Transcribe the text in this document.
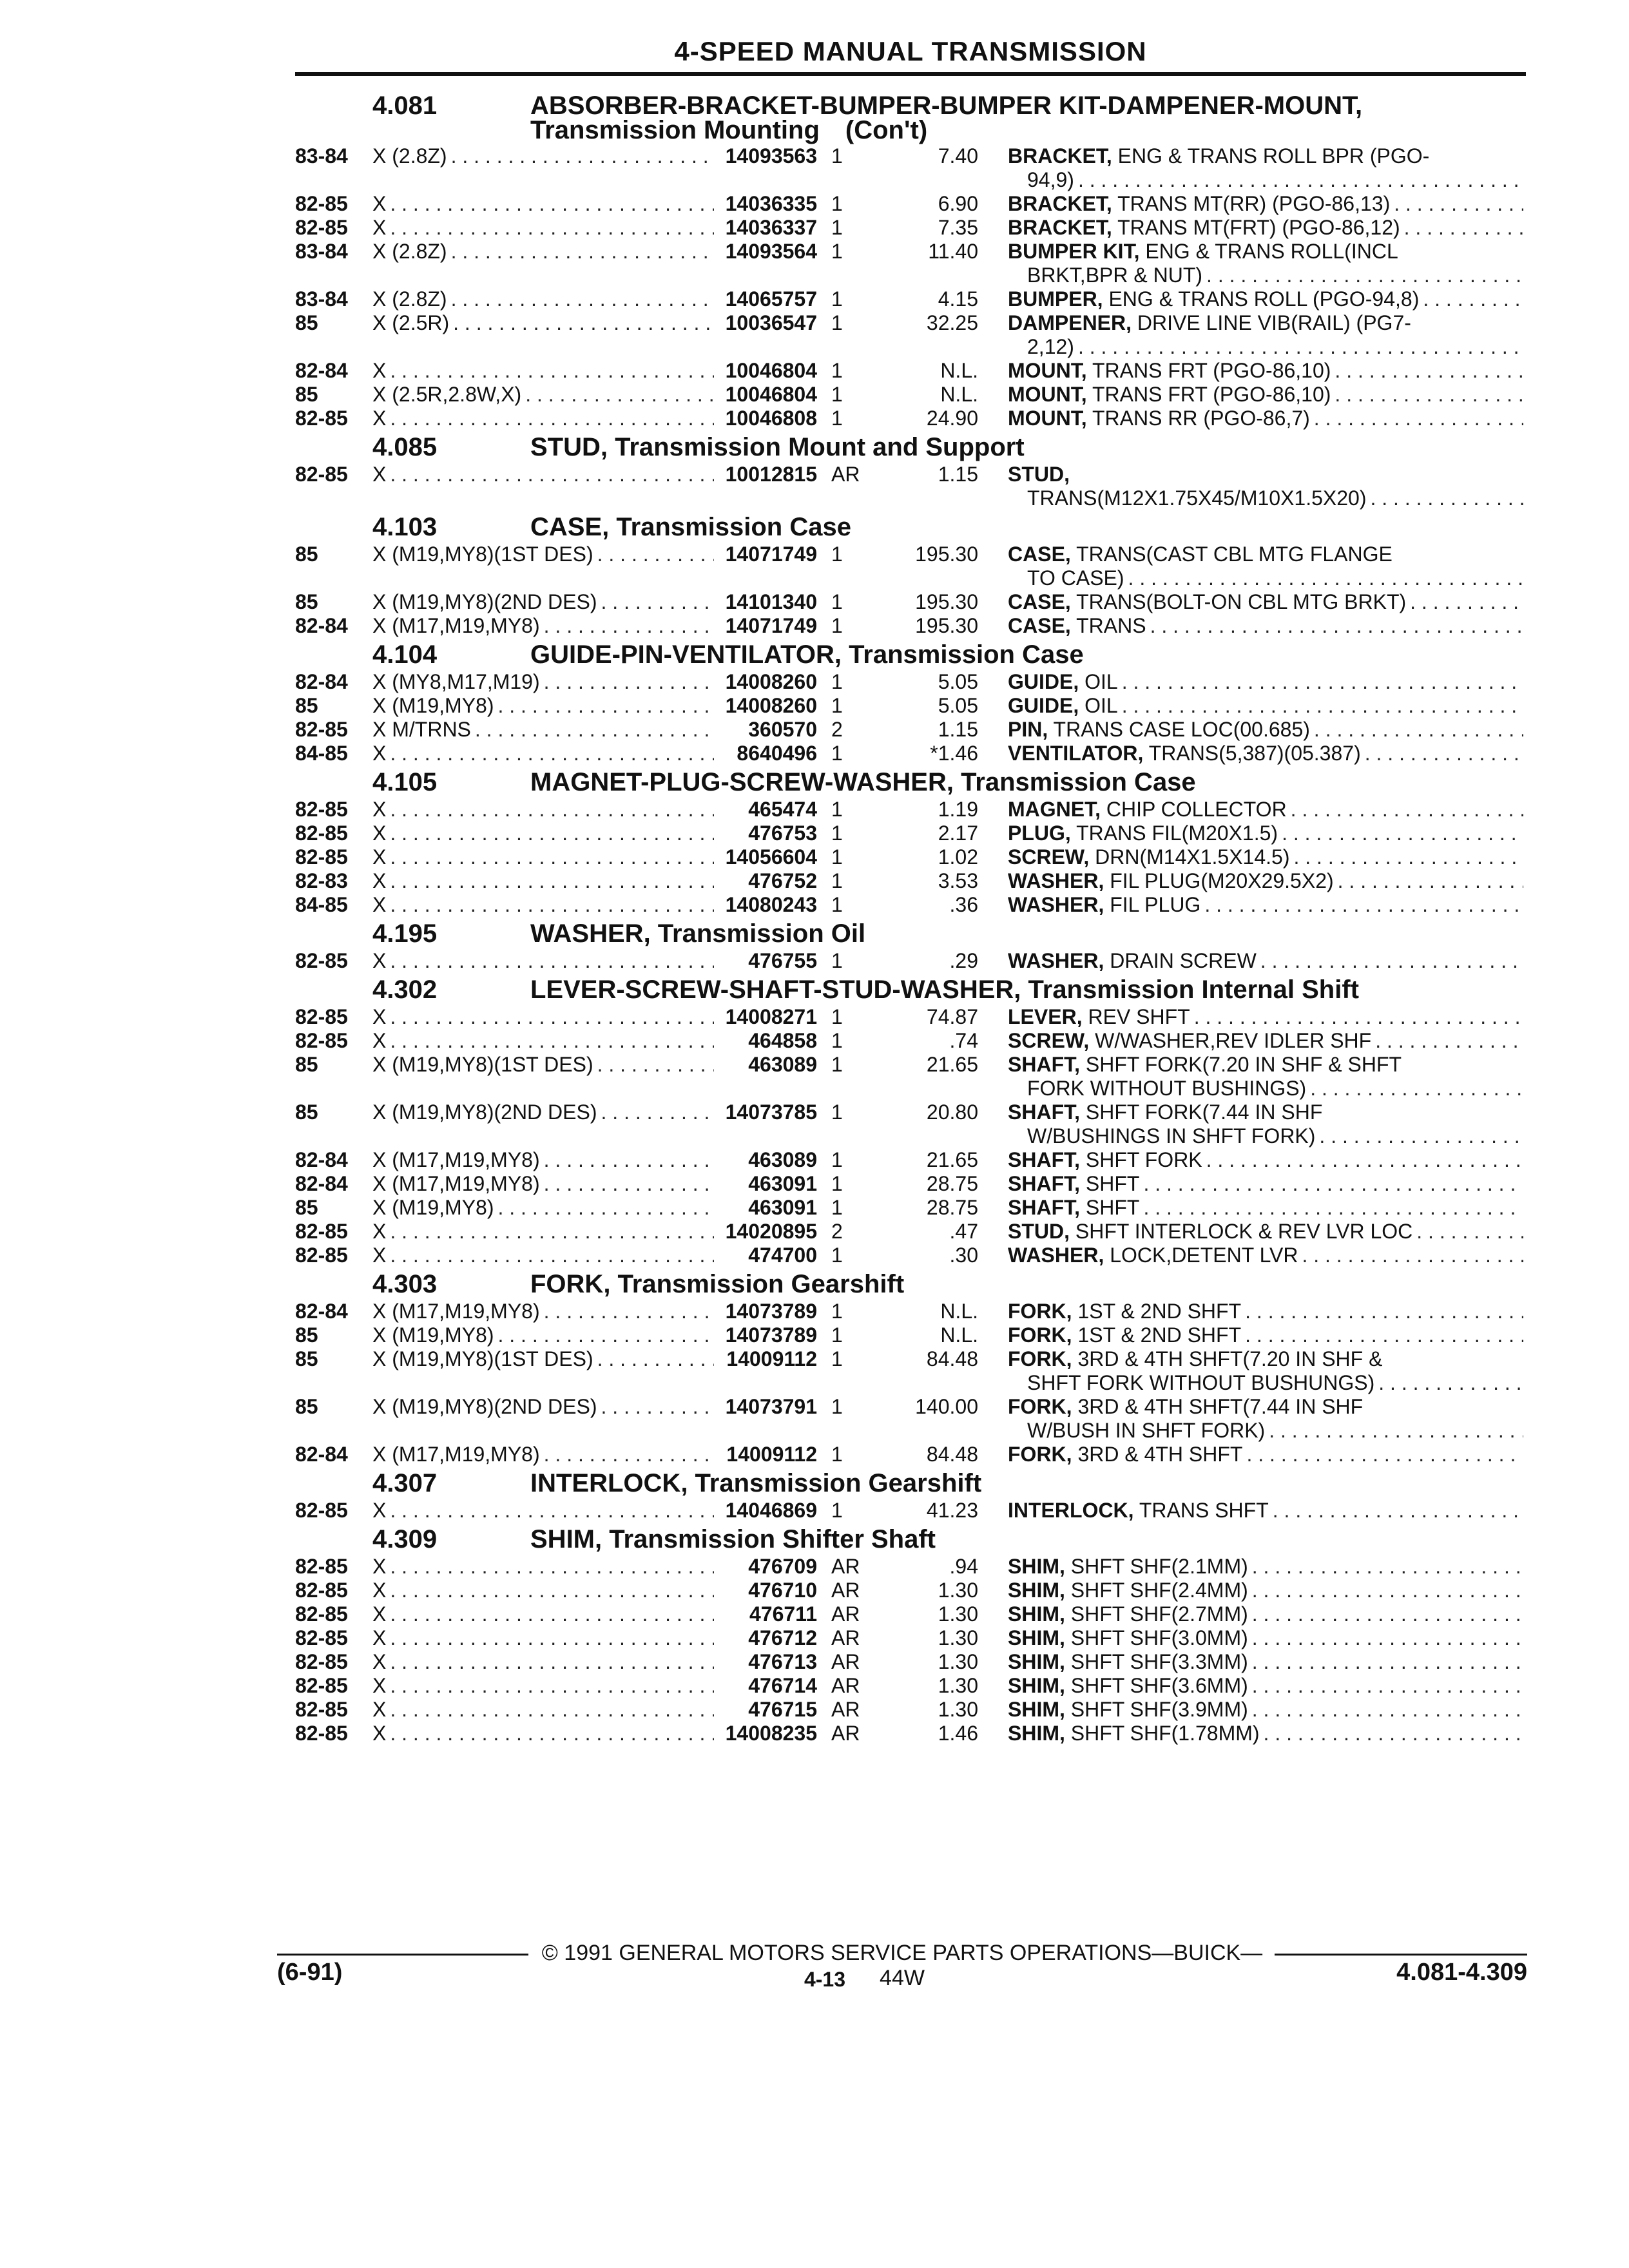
4-SPEED MANUAL TRANSMISSION
4.081	ABSORBER-BRACKET-BUMPER-BUMPER KIT-DAMPENER-MOUNT,
Transmission Mounting (Con't)
83-84	X (2.8Z) . . .	14093563 1	7.40 BRACKET, ENG & TRANS ROLL BPR (PGO-
94,9)
. . .
82-85	X . . .	14036335 1	6.90 BRACKET, TRANS MT(RR) (PGO-86,13)
. . .
82-85	X . . .	14036337 1	7.35 BRACKET, TRANS MT(FRT) (PGO-86,12)
. . .
83-84	X (2.8Z) . . .	14093564 1	11.40 BUMPER KIT, ENG & TRANS ROLL(INCL
BRKT,BPR & NUT)
. . .
83-84	X (2.8Z) . . .	14065757 1	4.15 BUMPER, ENG & TRANS ROLL (PGO-94,8)
. . .
85	X (2.5R) . . .	10036547 1	32.25 DAMPENER, DRIVE LINE VIB(RAIL) (PG7-
2,12)
. . .
82-84	X . . .	10046804 1	N.L. MOUNT, TRANS FRT (PGO-86,10)
. . .
85	X (2.5R,2.8W,X) . . .	10046804 1	N.L. MOUNT, TRANS FRT (PGO-86,10)
. . .
82-85	X . . .	10046808 1	24.90 MOUNT, TRANS RR (PGO-86,7)
. . .
4.085	STUD, Transmission Mount and Support
82-85	X . . .	10012815 AR	1.15 STUD,
TRANS(M12X1.75X45/M10X1.5X20)
. . .
4.103	CASE, Transmission Case
85	X (M19,MY8)(1ST DES) . . .	14071749 1	195.30 CASE, TRANS(CAST CBL MTG FLANGE
TO CASE)
. . .
85	X (M19,MY8)(2ND DES) . . .	14101340 1	195.30 CASE, TRANS(BOLT-ON CBL MTG BRKT)
. . .
82-84	X (M17,M19,MY8) . . .	14071749 1	195.30 CASE, TRANS
. . .
4.104	GUIDE-PIN-VENTILATOR, Transmission Case
82-84	X (MY8,M17,M19) . . .	14008260 1	5.05 GUIDE, OIL
. . .
85	X (M19,MY8) . . .	14008260 1	5.05 GUIDE, OIL
. . .
82-85	X M/TRNS . . .	360570 2	1.15 PIN, TRANS CASE LOC(00.685)
. . .
84-85	X . . .	8640496 1	*1.46 VENTILATOR, TRANS(5,387)(05.387)
. . .
4.105	MAGNET-PLUG-SCREW-WASHER, Transmission Case
82-85	X . . .	465474 1	1.19 MAGNET, CHIP COLLECTOR
. . .
82-85	X . . .	476753 1	2.17 PLUG, TRANS FIL(M20X1.5)
. . .
82-85	X . . .	14056604 1	1.02 SCREW, DRN(M14X1.5X14.5)
. . .
82-83	X . . .	476752 1	3.53 WASHER, FIL PLUG(M20X29.5X2)
. . .
84-85	X . . .	14080243 1	.36 WASHER, FIL PLUG
. . .
4.195	WASHER, Transmission Oil
82-85	X . . .	476755 1	.29 WASHER, DRAIN SCREW
. . .
4.302	LEVER-SCREW-SHAFT-STUD-WASHER, Transmission Internal Shift
82-85	X . . .	14008271 1	74.87 LEVER, REV SHFT
. . .
82-85	X . . .	464858 1	.74 SCREW, W/WASHER,REV IDLER SHF
. . .
85	X (M19,MY8)(1ST DES) . . .	463089 1	21.65 SHAFT, SHFT FORK(7.20 IN SHF & SHFT
FORK WITHOUT BUSHINGS)
. . .
85	X (M19,MY8)(2ND DES) . . .	14073785 1	20.80 SHAFT, SHFT FORK(7.44 IN SHF
W/BUSHINGS IN SHFT FORK)
. . .
82-84	X (M17,M19,MY8) . . .	463089 1	21.65 SHAFT, SHFT FORK
. . .
82-84	X (M17,M19,MY8) . . .	463091 1	28.75 SHAFT, SHFT
. . .
85	X (M19,MY8) . . .	463091 1	28.75 SHAFT, SHFT
. . .
82-85	X . . .	14020895 2	.47 STUD, SHFT INTERLOCK & REV LVR LOC
. . .
82-85	X . . .	474700 1	.30 WASHER, LOCK,DETENT LVR
. . .
4.303	FORK, Transmission Gearshift
82-84	X (M17,M19,MY8) . . .	14073789 1	N.L. FORK, 1ST & 2ND SHFT
. . .
85	X (M19,MY8) . . .	14073789 1	N.L. FORK, 1ST & 2ND SHFT
. . .
85	X (M19,MY8)(1ST DES) . . .	14009112 1	84.48 FORK, 3RD & 4TH SHFT(7.20 IN SHF &
SHFT FORK WITHOUT BUSHUNGS)
. . .
85	X (M19,MY8)(2ND DES) . . .	14073791 1	140.00 FORK, 3RD & 4TH SHFT(7.44 IN SHF
W/BUSH IN SHFT FORK)
. . .
82-84	X (M17,M19,MY8) . . .	14009112 1	84.48 FORK, 3RD & 4TH SHFT
. . .
4.307	INTERLOCK, Transmission Gearshift
82-85	X . . .	14046869 1	41.23 INTERLOCK, TRANS SHFT
. . .
4.309	SHIM, Transmission Shifter Shaft
82-85	X . . .	476709 AR	.94 SHIM, SHFT SHF(2.1MM)
. . .
82-85	X . . .	476710 AR	1.30 SHIM, SHFT SHF(2.4MM)
. . .
82-85	X . . .	476711 AR	1.30 SHIM, SHFT SHF(2.7MM)
. . .
82-85	X . . .	476712 AR	1.30 SHIM, SHFT SHF(3.0MM)
. . .
82-85	X . . .	476713 AR	1.30 SHIM, SHFT SHF(3.3MM)
. . .
82-85	X . . .	476714 AR	1.30 SHIM, SHFT SHF(3.6MM)
. . .
82-85	X . . .	476715 AR	1.30 SHIM, SHFT SHF(3.9MM)
. . .
82-85	X . . .	14008235 AR	1.46 SHIM, SHFT SHF(1.78MM)
. . .
© 1991 GENERAL MOTORS SERVICE PARTS OPERATIONS—BUICK—44W
(6-91)	4-13	4.081-4.309
